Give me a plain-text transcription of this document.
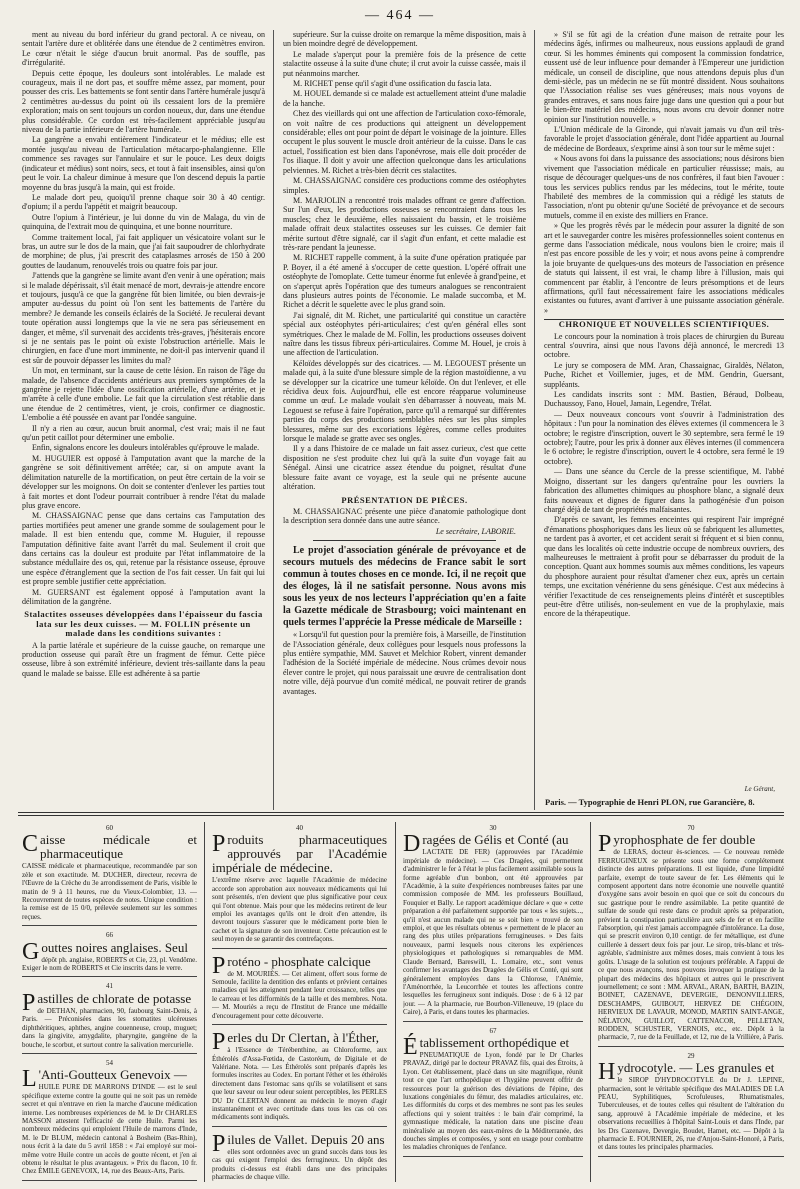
— 464 —

ment au niveau du bord inférieur du grand pectoral. A ce niveau, on sentait l'artère dure et oblitérée dans une étendue de 2 centimètres environ. Le cœur n'était le siége d'aucun bruit anormal. Pas de souffle, pas d'irrégularité.

Depuis cette époque, les douleurs sont intolérables. Le malade est courageux, mais il ne dort pas, et souffre même assez, par moment, pour pousser des cris. Les battements se font sentir dans l'artère humérale jusqu'à 2 centimètres au-dessus du point où ils cessaient lors de la première exploration; mais on sent toujours un cordon noueux, dur, dans une étendue plus considérable. Ce cordon est très-facilement appréciable jusqu'au niveau de la partie inférieure de l'artère humérale.

La gangrène a envahi entièrement l'indicateur et le médius; elle est montée jusqu'au niveau de l'articulation métacarpo-phalangienne. Elle commence ses ravages sur l'annulaire et sur le pouce. Les deux doigts (indicateur et médius) sont noirs, secs, et tout à fait insensibles, ainsi qu'on peut le voir. La chaleur diminue à mesure que l'on descend depuis la partie moyenne du bras jusqu'à la main, qui est froide.

Le malade dort peu, quoiqu'il prenne chaque soir 30 à 40 centigr. d'opium; il a perdu l'appétit et maigrit beaucoup.

Outre l'opium à l'intérieur, je lui donne du vin de Malaga, du vin de quinquina, de l'extrait mou de quinquina, et une bonne nourriture.

Comme traitement local, j'ai fait appliquer un vésicatoire volant sur le bras, un autre sur le dos de la main, que j'ai fait saupoudrer de chlorhydrate de morphine; de plus, j'ai prescrit des cataplasmes arrosés de 150 à 200 gouttes de laudanum, renouvelés trois ou quatre fois par jour.

J'attends que la gangrène se limite avant d'en venir à une opération; mais si le malade dépérissait, s'il était menacé de mort, devrais-je attendre encore et toujours, jusqu'à ce que la gangrène fût bien limitée, ou bien devrais-je amputer au-dessus du point où l'on sent les battements de l'artère du membre? Je demande les conseils éclairés de la Société. Je reculerai devant toute opération aussi longtemps que la vie ne sera pas sérieusement en danger, et même, s'il survenait des accidents très-graves, j'hésiterais encore si je ne sentais pas le point où existe l'obstruction artérielle. Mais le chirurgien, en face d'une mort imminente, ne doit-il pas intervenir quand il est sûr de pouvoir dépasser les limites du mal?

Un mot, en terminant, sur la cause de cette lésion. En raison de l'âge du malade, de l'absence d'accidents antérieurs aux premiers symptômes de la gangrène je rejette l'idée d'une ossification artérielle, d'une artérite, et je m'arrête à celle d'une embolie. Le fait que la circulation s'est rétablie dans une étendue de 2 centimètres, vient, je crois, confirmer ce diagnostic. L'embolie a été poussée en avant par l'ondée sanguine.

Il n'y a rien au cœur, aucun bruit anormal, c'est vrai; mais il ne faut qu'un petit caillot pour déterminer une embolie.

Enfin, signalons encore les douleurs intolérables qu'éprouve le malade.

M. HUGUIER est opposé à l'amputation avant que la marche de la gangrène se soit définitivement arrêtée; car, si on ampute avant la délimitation naturelle de la mortification, on peut être certain de la voir se développer sur les moignons. On doit se contenter d'enlever les parties tout à fait mortes et dont l'odeur pourrait contribuer à rendre l'état du malade plus grave encore.

M. CHASSAIGNAC pense que dans certains cas l'amputation des parties mortifiées peut amener une grande somme de soulagement pour le malade. Il est bien entendu que, comme M. Huguier, il repousse l'amputation définitive faite avant l'arrêt du mal. Seulement il croit que dans certains cas la douleur est produite par l'état inflammatoire de la substance médullaire des os, qui, retenue par la résistance osseuse, éprouve une espèce d'étranglement que la section de l'os fait cesser. Un fait qui lui est propre semble justifier cette appréciation.

M. GUERSANT est également opposé à l'amputation avant la délimitation de la gangrène.

Stalactites osseuses développées dans l'épaisseur du fascia lata sur les deux cuisses. — M. FOLLIN présente un malade dans les conditions suivantes :

A la partie latérale et supérieure de la cuisse gauche, on remarque une production osseuse qui paraît être un fragment de fémur. Cette pièce osseuse, libre à son extrémité inférieure, devient très-saillante dans la peau quand le malade se baisse. Elle est adhérente à sa partie

supérieure. Sur la cuisse droite on remarque la même disposition, mais à un bien moindre degré de développement.

Le malade s'aperçut pour la première fois de la présence de cette stalactite osseuse à la suite d'une chute; il crut avoir la cuisse cassée, mais il put néanmoins marcher.

M. RICHET pense qu'il s'agit d'une ossification du fascia lata.

M. HOUEL demande si ce malade est actuellement atteint d'une maladie de la hanche.

Chez des vieillards qui ont une affection de l'articulation coxo-fémorale, on voit naître de ces productions qui atteignent un développement considérable; elles ont pour point de départ le voisinage de la jointure. Elles occupent le plus souvent le muscle droit antérieur de la cuisse. Dans le cas actuel, l'ossification est bien dans l'aponévrose, mais elle doit procéder de l'os iliaque. Il doit y avoir une affection quelconque dans les articulations pelviennes. M. Richet a très-bien décrit ces stalactites.

M. CHASSAIGNAC considère ces productions comme des ostéophytes simples.

M. MARJOLIN a rencontré trois malades offrant ce genre d'affection. Sur l'un d'eux, les productions osseuses se rencontraient dans tous les muscles; chez le deuxième, elles naissaient du bassin, et le troisième malade offrait deux stalactites osseuses sur les cuisses. Ce dernier fait mérite surtout d'être signalé, car il s'agit d'un enfant, et cette maladie est très-rare pendant la jeunesse.

M. RICHET rappelle comment, à la suite d'une opération pratiquée par P. Boyer, il a été amené à s'occuper de cette question. L'opéré offrait une ostéophyte de l'omoplate. Cette tumeur énorme fut enlevée à grand'peine, et on s'aperçut après l'opération que des tumeurs analogues se rencontraient dans plusieurs autres points de l'économie. Le malade succomba, et M. Richet a décrit le squelette avec le plus grand soin.

J'ai signalé, dit M. Richet, une particularité qui constitue un caractère spécial aux ostéophytes péri-articulaires; c'est qu'en général elles sont symétriques. Chez le malade de M. Follin, les productions osseuses doivent naître dans les tissus fibreux péri-articulaires. Comme M. Houel, je crois à une affection de l'articulation.

Kéloïdes développés sur des cicatrices. — M. LEGOUEST présente un malade qui, à la suite d'une blessure simple de la région mastoïdienne, a vu se développer sur la cicatrice une tumeur kéloïde. On dut l'enlever, et elle récidiva deux fois. Aujourd'hui, elle est encore réapparue volumineuse comme un œuf. Le malade voulait s'en débarrasser à nouveau, mais M. Legouest se refuse à faire l'opération, parce qu'il a remarqué sur différentes parties du corps des productions semblables nées sur les plus simples blessures, même sur des excoriations légères, comme celles produites lorsque le malade se gratte avec ses ongles.

Il y a dans l'histoire de ce malade un fait assez curieux, c'est que cette disposition ne s'est produite chez lui qu'à la suite d'un voyage fait au Sénégal. Ainsi une cicatrice assez étendue du poignet, résultat d'une blessure faite avant ce voyage, est la seule qui ne présente aucune altération.

PRÉSENTATION DE PIÈCES.

M. CHASSAIGNAC présente une pièce d'anatomie pathologique dont la description sera donnée dans une autre séance.

Le secrétaire, LABORIE.

Le projet d'association générale de prévoyance et de secours mutuels des médecins de France sabit le sort commun à toutes choses en ce monde. Ici, il ne reçoit que des éloges, là il ne satisfait personne. Nous avons mis sous les yeux de nos lecteurs l'appréciation qu'en a faite la Gazette médicale de Strasbourg; voici maintenant en quels termes l'apprécie la Presse médicale de Marseille :

« Lorsqu'il fut question pour la première fois, à Marseille, de l'institution de l'Association générale, deux collègues pour lesquels nous professons la plus entière sympathie, MM. Sauvet et Melchior Robert, vinrent demander l'adhésion de la Société impériale de médecine. Nous crûmes devoir nous élever contre le projet, qui nous paraissait une œuvre de centralisation dont notre ville, déjà pourvue d'un comité médical, ne pouvait retirer de grands avantages.

» S'il se fût agi de la création d'une maison de retraite pour les médecins âgés, infirmes ou malheureux, nous eussions applaudi de grand cœur. Si les hommes éminents qui composent la commission fondatrice, eussent usé de leur influence pour demander à l'Empereur une juridiction médicale, un conseil de discipline, que nous attendons depuis plus d'un demi-siècle, pas un médecin ne se fût montré dissident. Nous souhaitons que l'Association réalise ses vues généreuses; mais nous voyons de grandes entraves, et sans nous faire juge dans une question qui a pour but le bien-être matériel des médecins, nous avons cru devoir donner notre opinion sur l'institution nouvelle. »

L'Union médicale de la Gironde, qui n'avait jamais vu d'un œil très-favorable le projet d'association générale, dont l'idée appartient au Journal de médecine de Bordeaux, s'exprime ainsi à son tour sur le même sujet :

« Nous avons foi dans la puissance des associations; nous désirons bien vivement que l'association médicale en particulier réussisse; mais, au risque de décourager quelques-uns de nos confrères, il faut bien l'avouer : tous les services publics rendus par les médecins, tout le mérite, toute l'habileté des membres de la commission qui a rédigé les statuts de l'association, n'ont pu obtenir qu'une Société de prévoyance et de secours mutuels, comme il en existe des milliers en France.

» Que les progrès rêvés par le médecin pour assurer la dignité de son art et le sauvegarder contre les misères professionnelles soient contenus en germe dans l'association médicale, nous voulons bien le croire; mais il n'est pas encore possible de les y voir; et nous avons peine à comprendre la joie bruyante de quelques-uns des moteurs de l'association en présence de statuts qui laissent, il est vrai, le champ libre à l'illusion, mais qui commencent par établir, à l'encontre de leurs présomptions et de leurs affirmations, qu'il faut nécessairement faire les associations médicales existantes ou futures, avant d'arriver à une puissante association générale. »

CHRONIQUE ET NOUVELLES SCIENTIFIQUES.

Le concours pour la nomination à trois places de chirurgien du Bureau central s'ouvrira, ainsi que nous l'avons déjà annoncé, le mercredi 13 octobre.

Le jury se composera de MM. Aran, Chassaignac, Giraldès, Nélaton, Puche, Richet et Voillemier, juges, et de MM. Gendrin, Guersant, suppléants.

Les candidats inscrits sont : MM. Bastien, Béraud, Dolbeau, Duchaussoy, Fano, Houel, Jamain, Legendre, Trélat.

— Deux nouveaux concours vont s'ouvrir à l'administration des hôpitaux : l'un pour la nomination des élèves externes (il commencera le 3 octobre; le registre d'inscription, ouvert le 30 septembre, sera fermé le 19 octobre); l'autre, pour les prix à donner aux élèves internes (il commencera le 6 octobre; le registre d'inscription, ouvert le 4 octobre, sera fermé le 19 octobre).

— Dans une séance du Cercle de la presse scientifique, M. l'abbé Moigno, dissertant sur les dangers qu'entraîne pour les ouvriers la fabrication des allumettes chimiques au phosphore blanc, a signalé deux faits nouveaux et dignes de figurer dans la pathogénésie d'un poison chargé déjà de tant de propriétés malfaisantes.

D'après ce savant, les femmes enceintes qui respirent l'air imprégné d'émanations phosphoriques dans les lieux où se fabriquent les allumettes, ne tardent pas à avorter, et cet accident serait si fréquent et si bien connu, que dans les localités où cette industrie occupe de nombreux ouvriers, des malheureuses le mettraient à profit pour se débarrasser du produit de la conception. Quant aux hommes soumis aux mêmes conditions, les vapeurs du phosphore auraient pour résultat d'amener chez eux, après un certain temps, une excitation vénérienne du sens génésique. C'est aux médecins à vérifier l'exactitude de ces renseignements pleins d'intérêt et susceptibles peut-être d'être utilisés, non-seulement en vue de la prophylaxie, mais encore de la thérapeutique.

Le Gérant,
Paris. — Typographie de Henri PLON, rue Garancière, 8.
60
Caisse médicale et pharmaceutique

CAISSE médicale et pharmaceutique, recommandée par son zèle et son exactitude. M. DUCHER, directeur, recevra de l'Œuvre de la Crèche du 3e arrondissement de Paris, visible le matin de 9 à 11 heures, rue du Vieux-Colombier, 13. — Recouvrement de toutes espèces de notes. Unique condition : la remise est de 15 0/0, prélevée seulement sur les sommes reçues.

66
Gouttes noires anglaises. Seul

dépôt ph. anglaise, ROBERTS et Cie, 23, pl. Vendôme. Exiger le nom de ROBERTS et Cie inscrits dans le verre.

41
Pastilles de chlorate de potasse

de DETHAN, pharmacien, 90, faubourg Saint-Denis, à Paris. — Préconisées dans les stomatites ulcéreuses diphthéritiques, aphthes, angine couenneuse, croup, muguet; dans la gingivite, amygdalite, pharyngite, gangrène de la bouche, le scorbut, et surtout contre la salivation mercurielle.

54
L 'Anti-Goutteux Genevoix —

HUILE PURE DE MARRONS D'INDE — est le seul spécifique externe contre la goutte qui ne soit pas un remède secret et qui n'entrave en rien la marche d'aucune médication interne. Les nombreuses expériences de M. le Dr CHARLES MASSON attestent l'efficacité de cette Huile. Parmi les nombreux médecins qui emploient l'Huile de marrons d'Inde, M. le Dr BLUM, médecin cantonal à Bosheim (Bas-Rhin), nous écrit à la date du 5 avril 1858 : « J'ai employé sur moi-même votre Huile contre un accès de goutte récent, et j'en ai obtenu le résultat le plus avantageux. » Prix du flacon, 10 fr. Chez ÉMILE GENEVOIX, 14, rue des Beaux-Arts, Paris.

40
Produits pharmaceutiques approuvés par l'Académie impériale de médecine.

L'extrême réserve avec laquelle l'Académie de médecine accorde son approbation aux nouveaux médicaments qui lui sont présentés, n'en devient que plus significative pour ceux qui l'ont obtenue. Mais pour que les médecins retirent de leur emploi les avantages qu'ils ont le droit d'en attendre, ils devront toujours s'assurer que le médicament porte bien le cachet et la signature de son inventeur. Cette précaution est le seul moyen de se garantir des contrefaçons.

Proténo - phosphate calcique

de M. MOURIÈS. — Cet aliment, offert sous forme de Semoule, facilite la dentition des enfants et prévient certaines maladies qui les atteignent pendant leur croissance, telles que le carreau et les difformités de la taille et des membres. Nota. — M. Mouriès a reçu de l'Institut de France une médaille d'encouragement pour cette découverte.

Perles du Dr Clertan, à l'Éther,

à l'Essence de Térébenthine, au Chloroforme, aux Éthérolés d'Assa-Fœtida, de Castoréum, de Digitale et de Valériane. Nota. — Les Éthérolés sont préparés d'après les formules inscrites au Codex. En portant l'éther et les éthérolés directement dans l'estomac sans qu'ils se volatilisent et sans que leur saveur ou leur odeur soient perceptibles, les PERLES DU Dr CLERTAN donnent au médecin le moyen d'agir instantanément et avec certitude dans tous les cas où ces médicaments sont indiqués.

Pilules de Vallet. Depuis 20 ans

elles sont ordonnées avec un grand succès dans tous les cas qui exigent l'emploi des ferrugineux. Un dépôt des produits ci-dessus est établi dans une des principales pharmacies de chaque ville.

30
Dragées de Gélis et Conté (au

LACTATE DE FER) (approuvées par l'Académie impériale de médecine). — Ces Dragées, qui permettent d'administrer le fer à l'état le plus facilement assimilable sous la forme agréable d'un bonbon, ont été approuvées par l'Académie, à la suite d'expériences nombreuses faites par une commission composée de MM. les professeurs Bouillaud, Fouquier et Bally. Le rapport académique déclare « que « cette préparation a été parfaitement supportée par tous « les sujets..., qu'il n'est aucun malade qui ne se soit bien « trouvé de son emploi, et que les résultats obtenus « permettent de le placer au rang des plus utiles préparations ferrugineuses. » Des faits nouveaux, parmi lesquels nous citerons les expériences physiologiques et pathologiques si remarquables de MM. Claude Bernard, Bareswill, L. Lomaire, etc., sont venus confirmer les avantages des Dragées de Gélis et Conté, qui sont généralement employées dans la Chlorose, l'Anémie, l'Aménorrhée, la Leucorrhée et toutes les affections contre lesquelles les ferrugineux sont indiqués. Dose : de 6 à 12 par jour. — A la pharmacie, rue Bourbon-Villeneuve, 19 (place du Caire), à Paris, et dans toutes les pharmacies.

67
Établissement orthopédique et

PNEUMATIQUE de Lyon, fondé par le Dr Charles PRAVAZ, dirigé par le docteur PRAVAZ fils, quai des Étroits, à Lyon. Cet établissement, placé dans un site magnifique, réunit tout ce que l'art orthopédique et l'hygiène peuvent offrir de ressources pour la guérison des déviations de l'épine, des luxations congéniales du fémur, des maladies articulaires, etc. Les difformités du corps et des membres ne sont pas les seules affections qui y soient traitées : le bain d'air comprimé, la gymnastique médicale, la natation dans une piscine d'eau minéralisée au moyen des eaux-mères de la Méditerranée, des douches simples et composées, y sont en usage pour combattre les maladies chroniques de l'enfance.

70
Pyrophosphate de fer double

de LERAS, docteur ès-sciences. — Ce nouveau remède FERRUGINEUX se présente sous une forme complétement distincte des autres préparations. Il est liquide, d'une limpidité parfaite, exempt de toute saveur de fer. Les éléments qui le composent apportent dans notre économie une nouvelle quantité d'oxygène sans avoir besoin en quoi que ce soit du concours du suc gastrique pour le rendre assimilable. La petite quantité de sulfate de soude qui reste dans ce produit après sa préparation, prévient la constipation particulière aux sels de fer et en facilite l'absorption, qui n'est jamais accompagnée d'intolérance. La dose, qui se prescrit environ 0,10 centigr. de fer métallique, est d'une cuillerée à dessert deux fois par jour. Le sirop, très-blanc et très-agréable, s'administre aux mêmes doses, mais convient à tous les goûts. L'usage de la solution est toujours préférable. A l'appui de ce que nous avançons, nous pouvons invoquer la pratique de la plupart des médecins des hôpitaux et autres qui le prescrivent journellement; ce sont : MM. ARVAL, ARAN, BARTH, BAZIN, BOINET, CAZENAVE, DEVERGIE, DENONVILLIERS, DESCHAMPS, GUIBOUT, HERVEZ DE CHÉGOIN, HERVIEUX DE LAVAUR, MONOD, MARTIN SAINT-ANGE, NÉLATON, GUILLOT, CATTENACOR, PELLETAN, RODDEN, SCHUSTER, VERNOIS, etc., etc. Dépôt à la pharmacie, 7, rue de la Feuillade, et 12, rue de la Vrillière, à Paris.

29
Hydrocotyle. — Les granules et

le SIROP D'HYDROCOTYLE du Dr J. LEPINE, pharmacien, sont le véritable spécifique des MALADIES DE LA PEAU, Syphilitiques, Scrofuleuses, Rhumatismales, Tuberculeuses, et de toutes celles qui résultent de l'altération du sang, approuvé à l'Académie impériale de médecine, et les observations recueillies à l'hôpital Saint-Louis et dans l'Inde, par les Drs Cazenave, Devergie, Boudet, Hamet, etc. — Dépôt à la pharmacie E. FOURNIER, 26, rue d'Anjou-Saint-Honoré, à Paris, et dans toutes les principales pharmacies.
